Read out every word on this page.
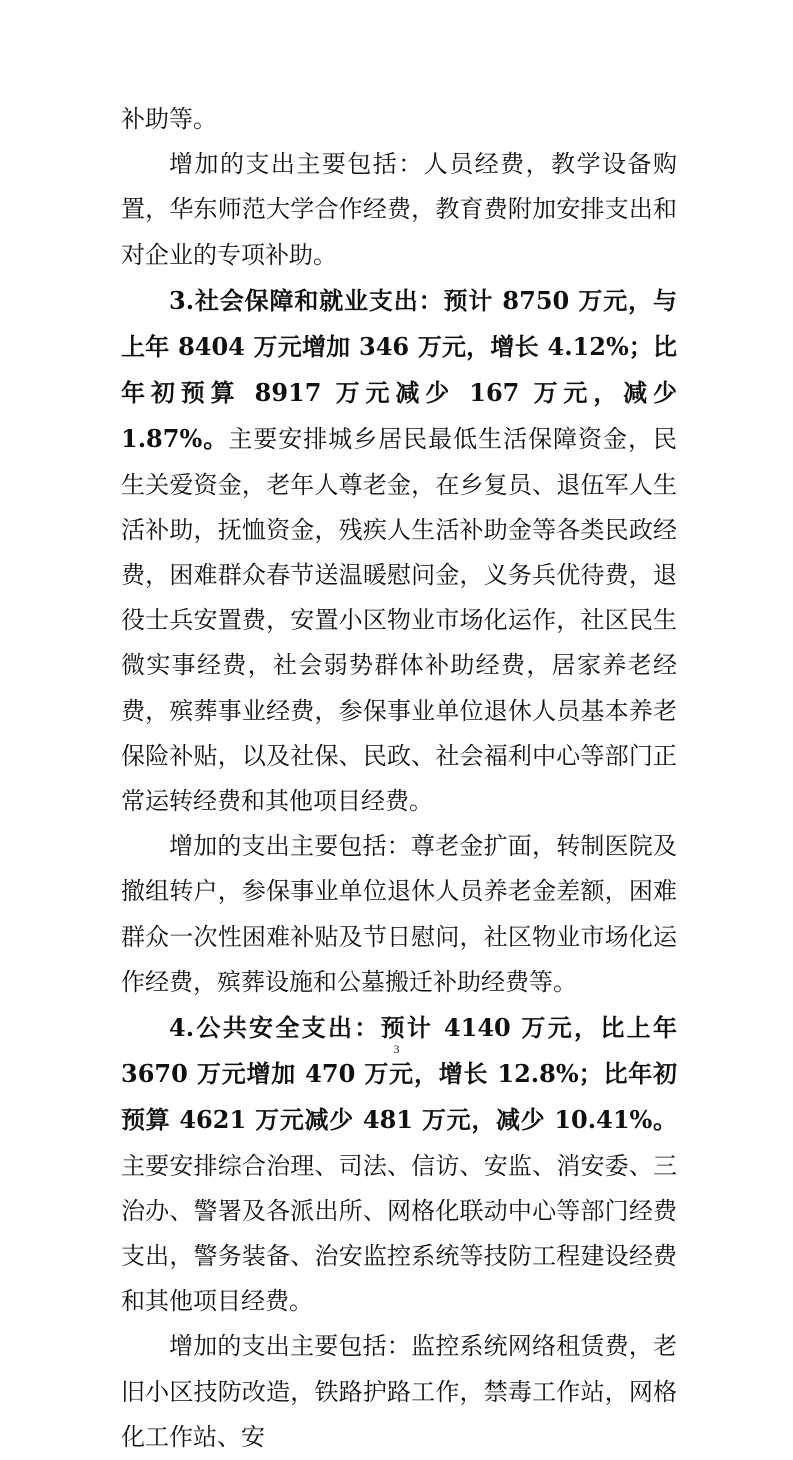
补助等。

增加的支出主要包括：人员经费，教学设备购置，华东师范大学合作经费，教育费附加安排支出和对企业的专项补助。

3.社会保障和就业支出：预计 8750 万元，与上年 8404 万元增加 346 万元，增长 4.12%；比年初预算 8917 万元减少 167 万元，减少 1.87%。主要安排城乡居民最低生活保障资金，民生关爱资金，老年人尊老金，在乡复员、退伍军人生活补助，抚恤资金，残疾人生活补助金等各类民政经费，困难群众春节送温暖慰问金，义务兵优待费，退役士兵安置费，安置小区物业市场化运作，社区民生微实事经费，社会弱势群体补助经费，居家养老经费，殡葬事业经费，参保事业单位退休人员基本养老保险补贴，以及社保、民政、社会福利中心等部门正常运转经费和其他项目经费。

增加的支出主要包括：尊老金扩面，转制医院及撤组转户，参保事业单位退休人员养老金差额，困难群众一次性困难补贴及节日慰问，社区物业市场化运作经费，殡葬设施和公墓搬迁补助经费等。

4.公共安全支出：预计 4140 万元，比上年 3670 万元增加 470 万元，增长 12.8%；比年初预算 4621 万元减少 481 万元，减少 10.41%。主要安排综合治理、司法、信访、安监、消安委、三治办、警署及各派出所、网格化联动中心等部门经费支出，警务装备、治安监控系统等技防工程建设经费和其他项目经费。

增加的支出主要包括：监控系统网络租赁费，老旧小区技防改造，铁路护路工作，禁毒工作站，网格化工作站、安

3
